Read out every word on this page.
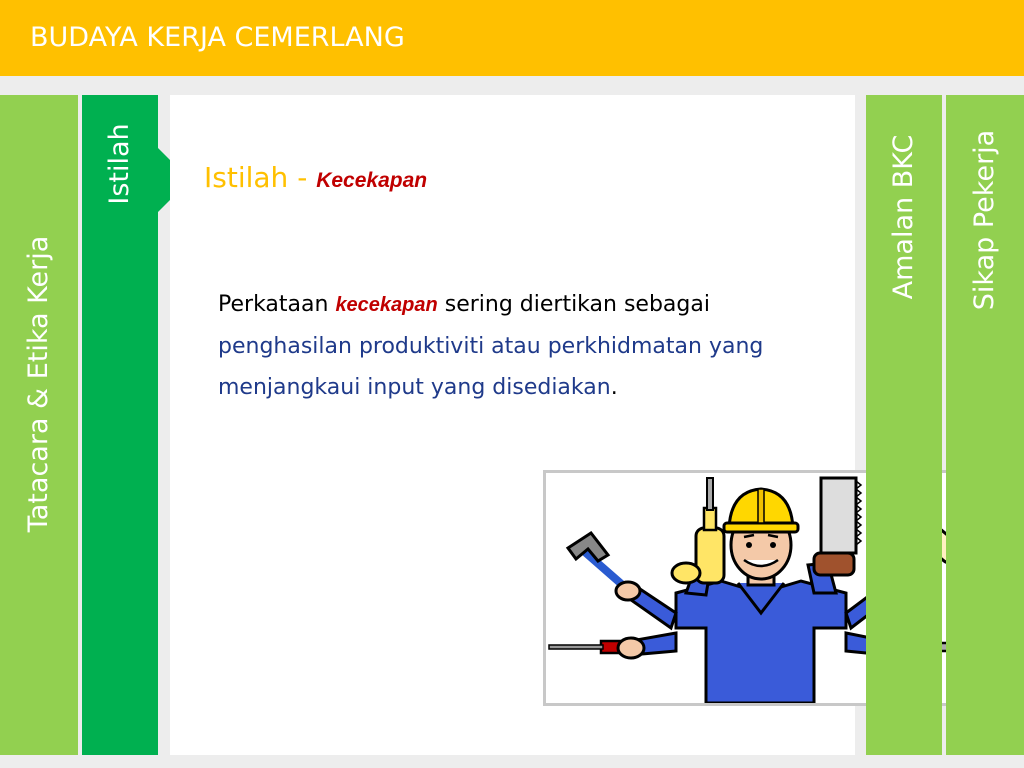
BUDAYA KERJA CEMERLANG
Tatacara & Etika Kerja
Istilah Istilah - Kecekapan
Perkataan kecekapan sering diertikan sebagai penghasilan produktiviti atau perkhidmatan yang menjangkaui input yang disediakan.
Amalan BKC Sikap Pekerja
